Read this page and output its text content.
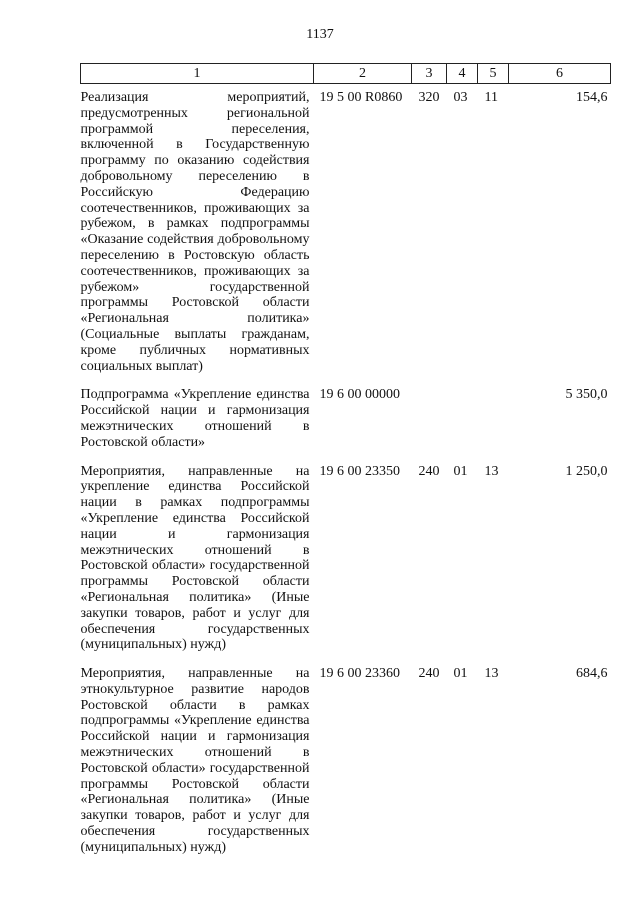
1137
1	2	3	4	5	6
Реализация мероприятий, предусмотренных региональной программой переселения, включенной в Государственную программу по оказанию содействия добровольному переселению в Российскую Федерацию соотечественников, проживающих за рубежом, в рамках подпрограммы «Оказание содействия добровольному переселению в Ростовскую область соотечественников, проживающих за рубежом» государственной программы Ростовской области «Региональная политика» (Социальные выплаты гражданам, кроме публичных нормативных социальных выплат)	19 5 00 R0860	320	03	11	154,6
Подпрограмма «Укрепление единства Российской нации и гармонизация межэтнических отношений в Ростовской области»	19 6 00 00000				5 350,0
Мероприятия, направленные на укрепление единства Российской нации в рамках подпрограммы «Укрепление единства Российской нации и гармонизация межэтнических отношений в Ростовской области» государственной программы Ростовской области «Региональная политика» (Иные закупки товаров, работ и услуг для обеспечения государственных (муниципальных) нужд)	19 6 00 23350	240	01	13	1 250,0
Мероприятия, направленные на этнокультурное развитие народов Ростовской области в рамках подпрограммы «Укрепление единства Российской нации и гармонизация межэтнических отношений в Ростовской области» государственной программы Ростовской области «Региональная политика» (Иные закупки товаров, работ и услуг для обеспечения государственных (муниципальных) нужд)	19 6 00 23360	240	01	13	684,6
